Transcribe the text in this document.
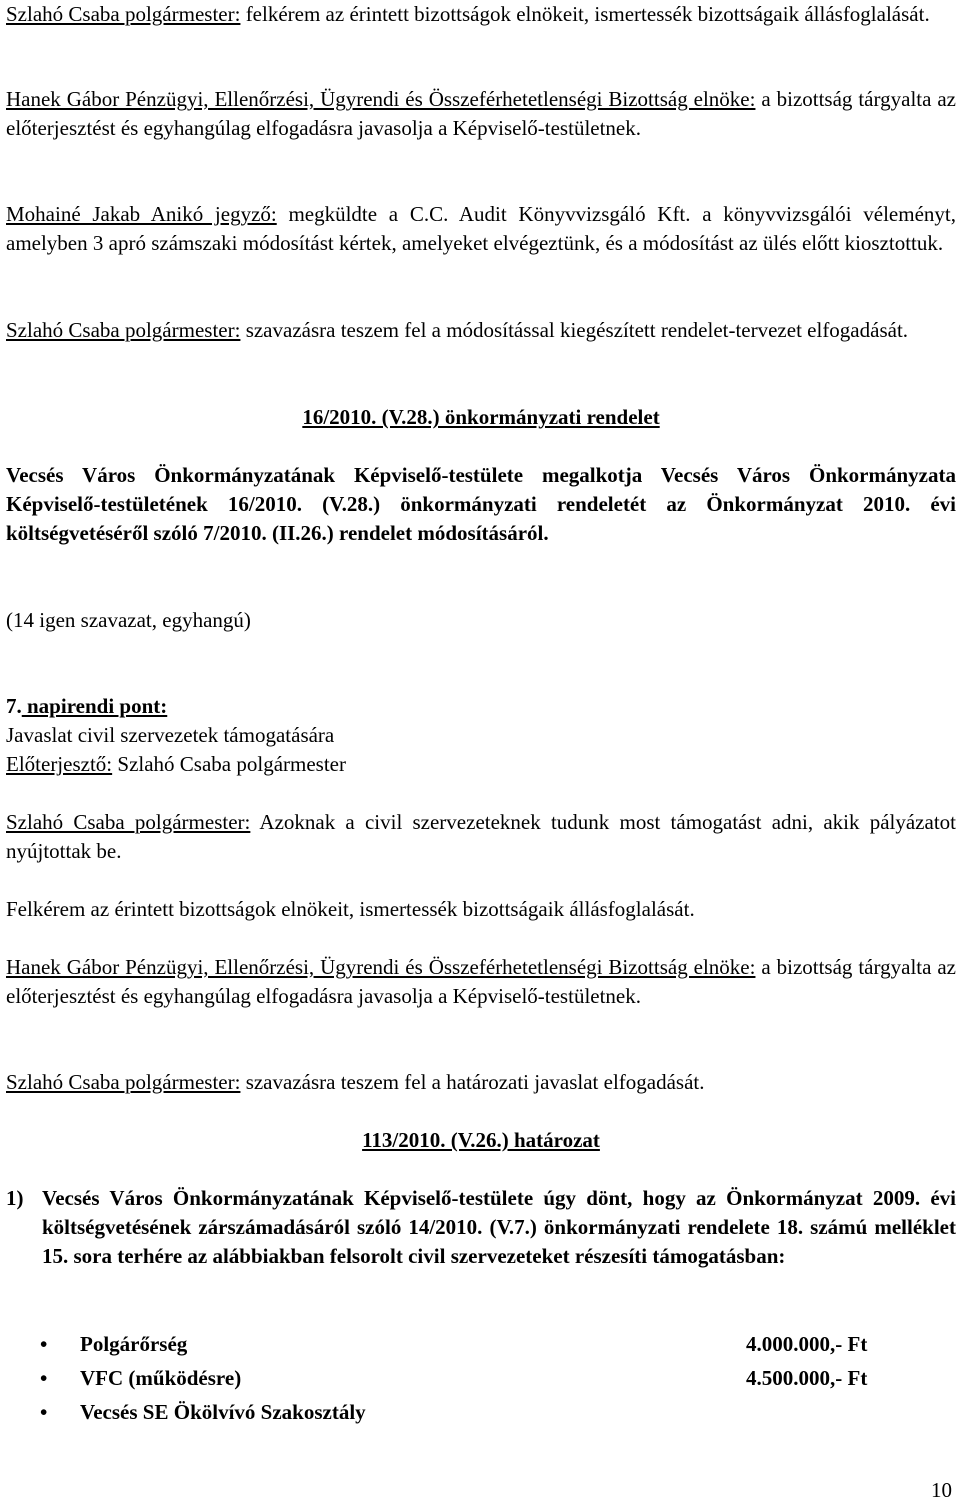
Szlahó Csaba polgármester: felkérem az érintett bizottságok elnökeit, ismertessék bizottságaik állásfoglalását.

Hanek Gábor Pénzügyi, Ellenőrzési, Ügyrendi és Összeférhetetlenségi Bizottság elnöke: a bizottság tárgyalta az előterjesztést és egyhangúlag elfogadásra javasolja a Képviselő-testületnek.

Mohainé Jakab Anikó jegyző: megküldte a C.C. Audit Könyvvizsgáló Kft. a könyvvizsgálói véleményt, amelyben 3 apró számszaki módosítást kértek, amelyeket elvégeztünk, és a módosítást az ülés előtt kiosztottuk.

Szlahó Csaba polgármester: szavazásra teszem fel a módosítással kiegészített rendelet-tervezet elfogadását.

16/2010. (V.28.) önkormányzati rendelet

Vecsés Város Önkormányzatának Képviselő-testülete megalkotja Vecsés Város Önkormányzata Képviselő-testületének 16/2010. (V.28.) önkormányzati rendeletét az Önkormányzat 2010. évi költségvetéséről szóló 7/2010. (II.26.) rendelet módosításáról.

(14 igen szavazat, egyhangú)

7. napirendi pont:

Javaslat civil szervezetek támogatására

Előterjesztő: Szlahó Csaba polgármester

Szlahó Csaba polgármester: Azoknak a civil szervezeteknek tudunk most támogatást adni, akik pályázatot nyújtottak be.

Felkérem az érintett bizottságok elnökeit, ismertessék bizottságaik állásfoglalását.

Hanek Gábor Pénzügyi, Ellenőrzési, Ügyrendi és Összeférhetetlenségi Bizottság elnöke: a bizottság tárgyalta az előterjesztést és egyhangúlag elfogadásra javasolja a Képviselő-testületnek.

Szlahó Csaba polgármester: szavazásra teszem fel a határozati javaslat elfogadását.

113/2010. (V.26.) határozat

1) Vecsés Város Önkormányzatának Képviselő-testülete úgy dönt, hogy az Önkormányzat 2009. évi költségvetésének zárszámadásáról szóló 14/2010. (V.7.) önkormányzati rendelete 18. számú melléklet 15. sora terhére az alábbiakban felsorolt civil szervezeteket részesíti támogatásban:

• Polgárőrség	4.000.000,- Ft
• VFC (működésre)	4.500.000,- Ft
• Vecsés SE Ökölvívó Szakosztály
10
